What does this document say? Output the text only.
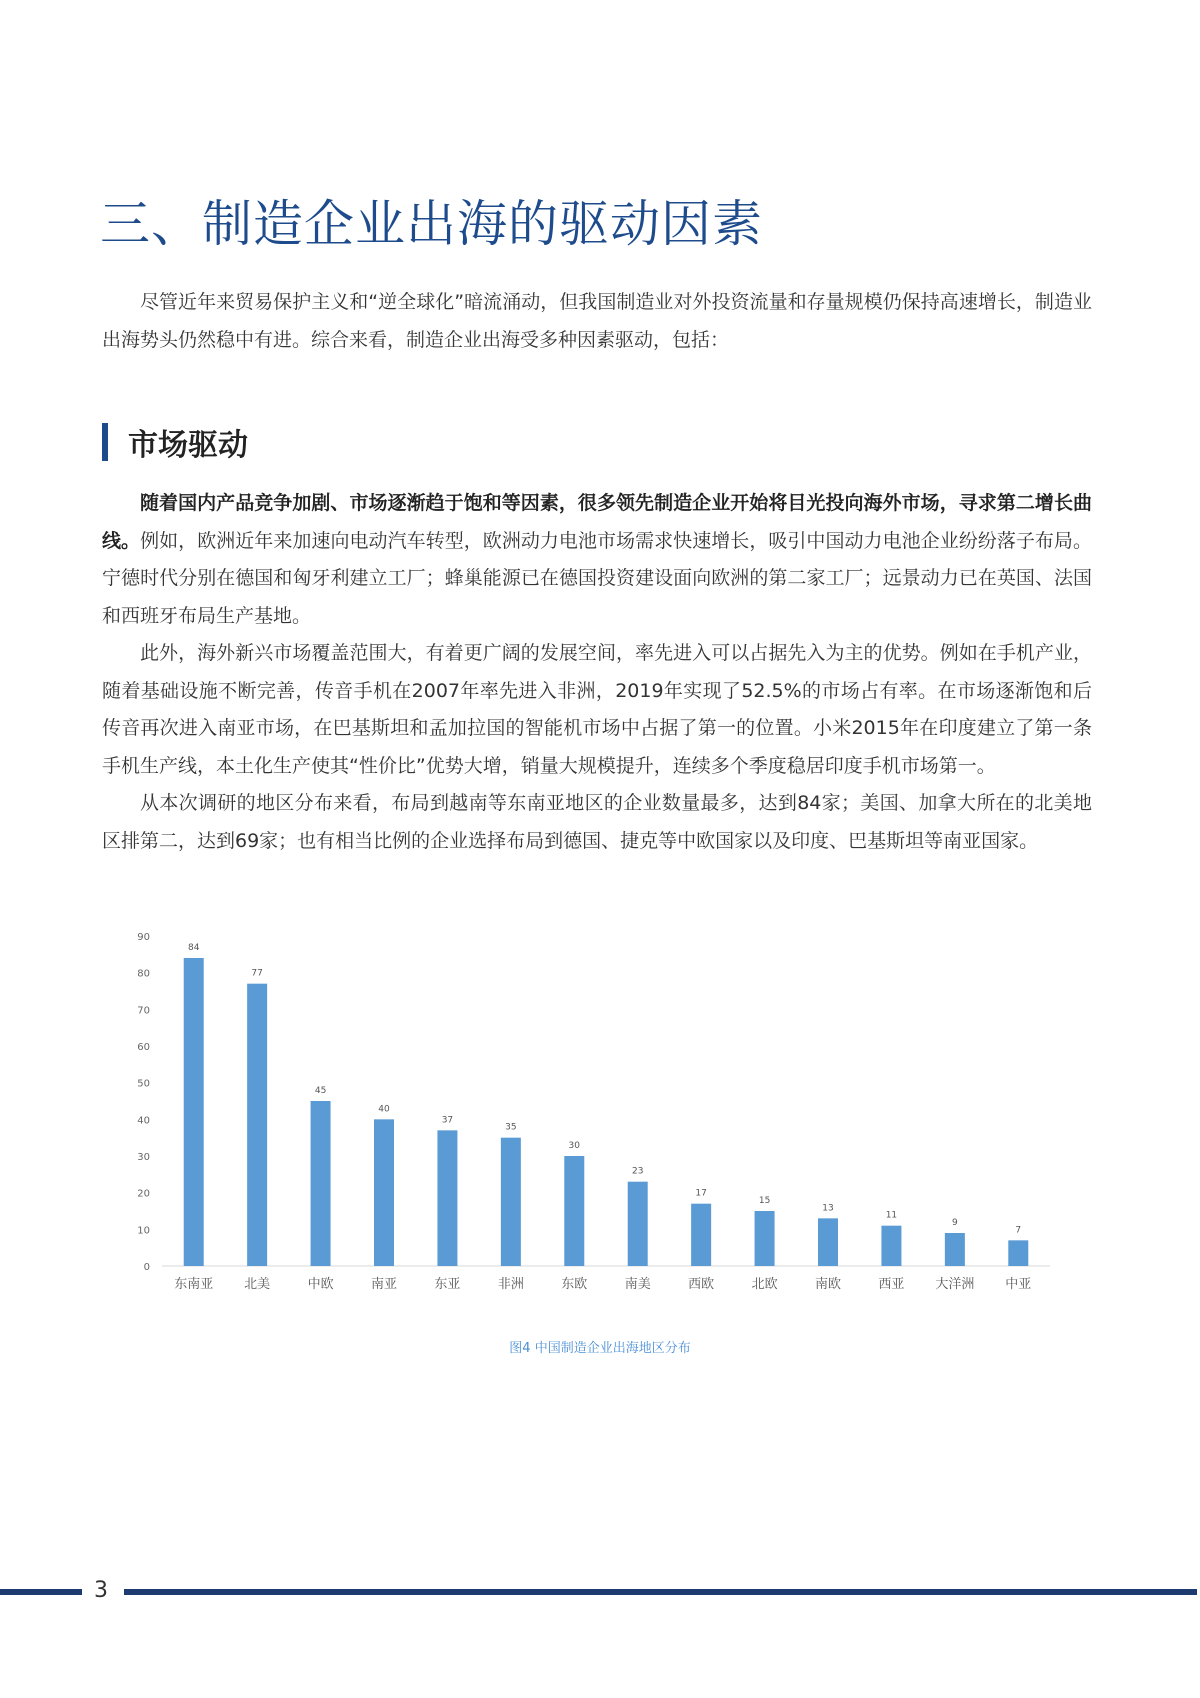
三、制造企业出海的驱动因素

尽管近年来贸易保护主义和“逆全球化”暗流涌动，但我国制造业对外投资流量和存量规模仍保持高速增长，制造业出海势头仍然稳中有进。综合来看，制造企业出海受多种因素驱动，包括：

市场驱动

随着国内产品竞争加剧、市场逐渐趋于饱和等因素，很多领先制造企业开始将目光投向海外市场，寻求第二增长曲线。例如，欧洲近年来加速向电动汽车转型，欧洲动力电池市场需求快速增长，吸引中国动力电池企业纷纷落子布局。宁德时代分别在德国和匈牙利建立工厂；蜂巢能源已在德国投资建设面向欧洲的第二家工厂；远景动力已在英国、法国和西班牙布局生产基地。

此外，海外新兴市场覆盖范围大，有着更广阔的发展空间，率先进入可以占据先入为主的优势。例如在手机产业，随着基础设施不断完善，传音手机在2007年率先进入非洲，2019年实现了52.5%的市场占有率。在市场逐渐饱和后传音再次进入南亚市场，在巴基斯坦和孟加拉国的智能机市场中占据了第一的位置。小米2015年在印度建立了第一条手机生产线，本土化生产使其“性价比”优势大增，销量大规模提升，连续多个季度稳居印度手机市场第一。

从本次调研的地区分布来看，布局到越南等东南亚地区的企业数量最多，达到84家；美国、加拿大所在的北美地区排第二，达到69家；也有相当比例的企业选择布局到德国、捷克等中欧国家以及印度、巴基斯坦等南亚国家。

0
10
20
30
40
50
60
70
80
90
84
东南亚
77
北美
45
中欧
40
南亚
37
东亚
35
非洲
30
东欧
23
南美
17
西欧
15
北欧
13
南欧
11
西亚
9
大洋洲
7
中亚
图4 中国制造企业出海地区分布
3
